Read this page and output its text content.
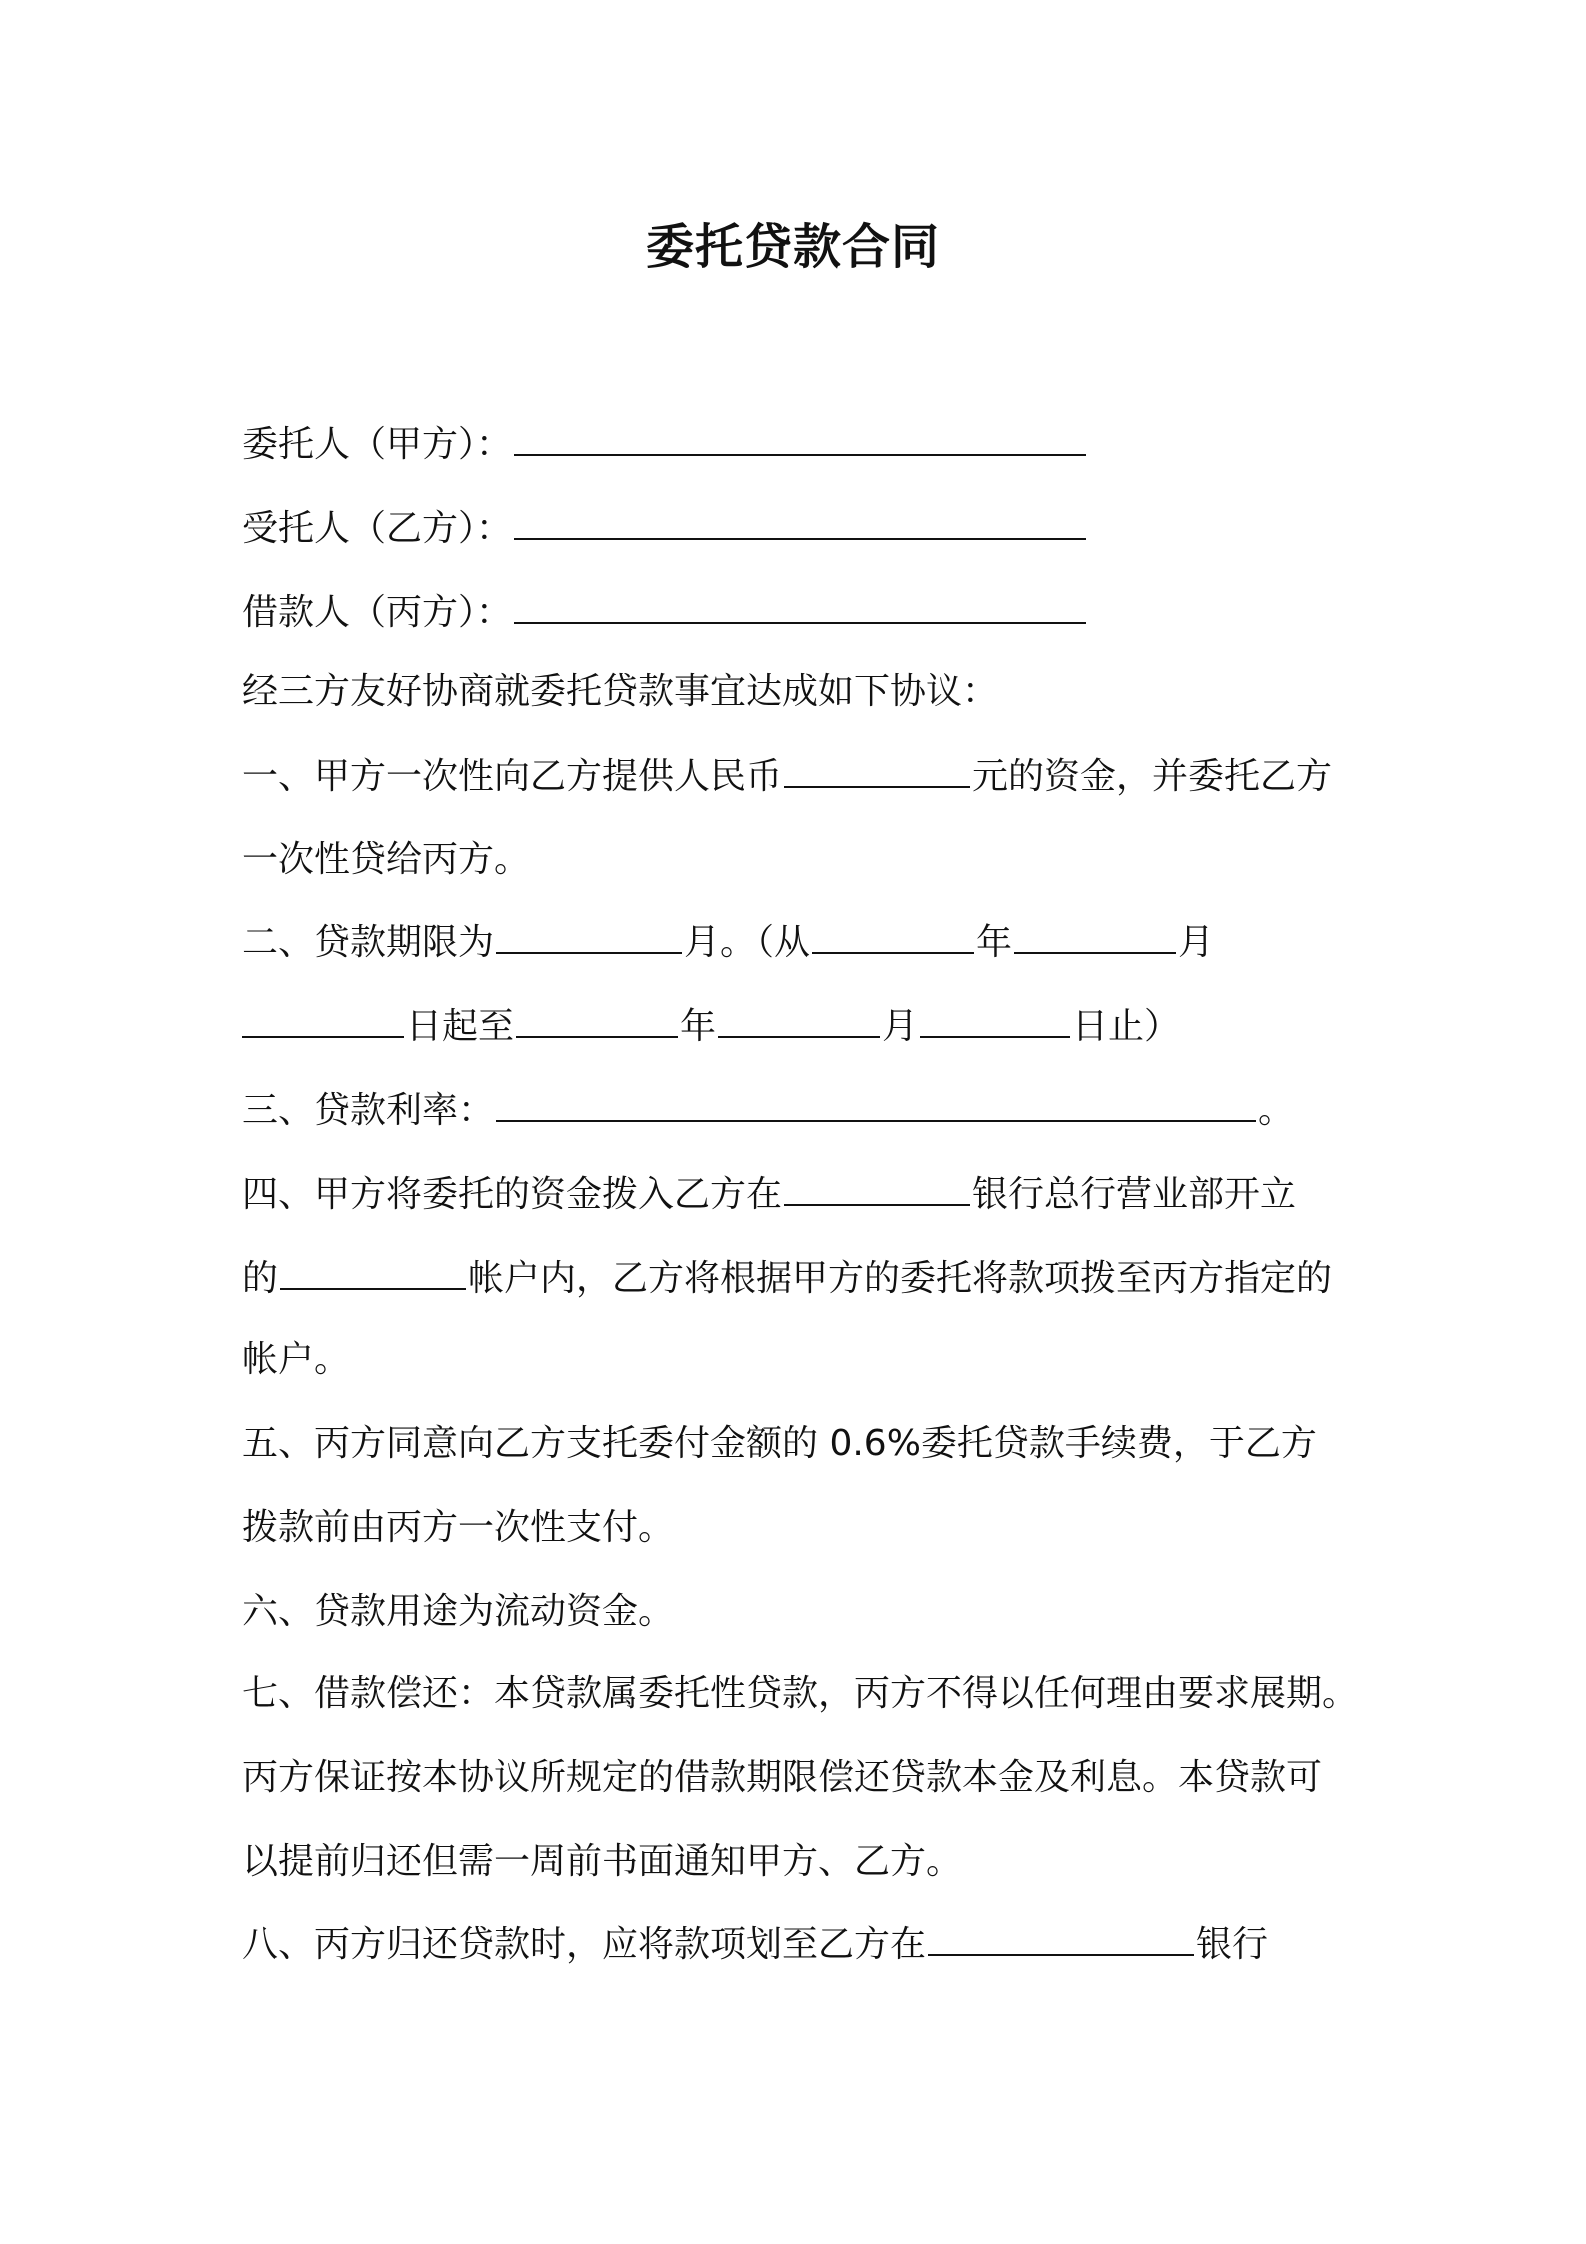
委托贷款合同
委托人（甲方）：
受托人（乙方）：
借款人（丙方）：
经三方友好协商就委托贷款事宜达成如下协议：
一、甲方一次性向乙方提供人民币	元的资金，并委托乙方
一次性贷给丙方。
二、贷款期限为	月。（从	年	月
日起至	年	月	日止）
三、贷款利率：	。
四、甲方将委托的资金拨入乙方在	银行总行营业部开立
的	帐户内，乙方将根据甲方的委托将款项拨至丙方指定的
帐户。
五、丙方同意向乙方支托委付金额的 0.6%委托贷款手续费，于乙方
拨款前由丙方一次性支付。
六、贷款用途为流动资金。
七、借款偿还：本贷款属委托性贷款，丙方不得以任何理由要求展期。
丙方保证按本协议所规定的借款期限偿还贷款本金及利息。本贷款可
以提前归还但需一周前书面通知甲方、乙方。
八、丙方归还贷款时，应将款项划至乙方在	银行
